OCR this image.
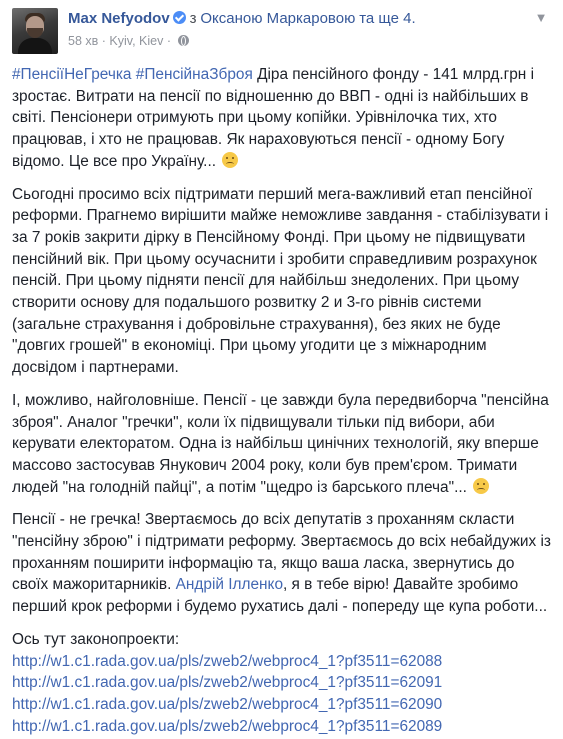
Max Nefyodov з Оксаною Маркаровою та ще 4.	▼
58 хв · Kyiv, Kiev ·

#ПенсіїНеГречка #ПенсійнаЗброя Діра пенсійного фонду - 141 млрд.грн і зростає. Витрати на пенсії по відношенню до ВВП - одні із найбільших в світі. Пенсіонери отримують при цьому копійки. Урівнілочка тих, хто працював, і хто не працював. Як нараховуються пенсії - одному Богу відомо. Це все про Україну...

Сьогодні просимо всіх підтримати перший мега-важливий етап пенсійної реформи. Прагнемо вирішити майже неможливе завдання - стабілізувати і за 7 років закрити дірку в Пенсійному Фонді. При цьому не підвищувати пенсійний вік. При цьому осучаснити і зробити справедливим розрахунок пенсій. При цьому підняти пенсії для найбільш знедолених. При цьому створити основу для подальшого розвитку 2 и 3-го рівнів системи (загальне страхування і добровільне страхування), без яких не буде "довгих грошей" в економіці. При цьому угодити це з міжнародним досвідом і партнерами.

І, можливо, найголовніше. Пенсії - це завжди була передвиборча "пенсійна зброя". Аналог "гречки", коли їх підвищували тільки під вибори, аби керувати електоратом. Одна із найбільш цинічних технологій, яку вперше массово застосував Янукович 2004 року, коли був прем'єром. Тримати людей "на голодній пайці", а потім "щедро із барського плеча"...

Пенсії - не гречка! Звертаємось до всіх депутатів з проханням скласти "пенсійну зброю" і підтримати реформу. Звертаємось до всіх небайдужих із проханням поширити інформацію та, якщо ваша ласка, звернутись до своїх мажоритарників. Андрій Ілленко, я в тебе вірю! Давайте зробимо перший крок реформи і будемо рухатись далі - попереду ще купа роботи...

Ось тут законопроекти:
http://w1.c1.rada.gov.ua/pls/zweb2/webproc4_1?pf3511=62088
http://w1.c1.rada.gov.ua/pls/zweb2/webproc4_1?pf3511=62091
http://w1.c1.rada.gov.ua/pls/zweb2/webproc4_1?pf3511=62090
http://w1.c1.rada.gov.ua/pls/zweb2/webproc4_1?pf3511=62089
